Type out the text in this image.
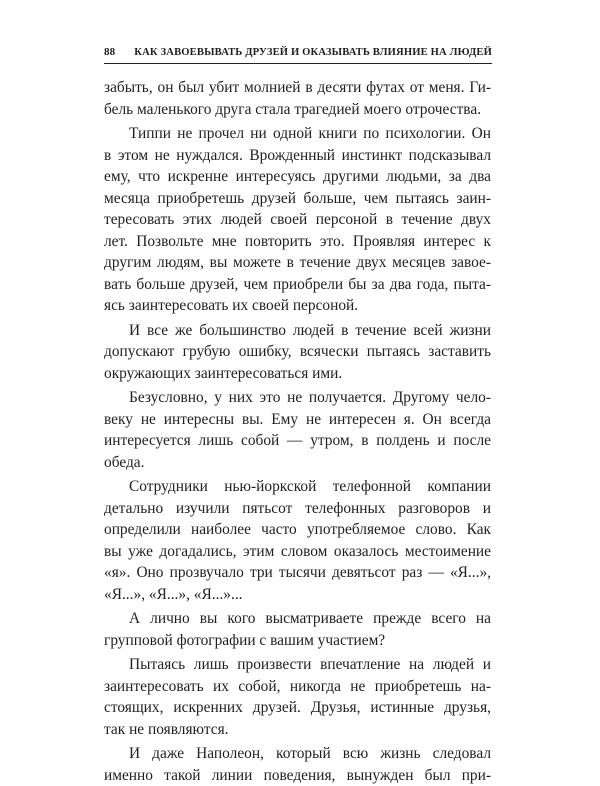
88 КАК ЗАВОЕВЫВАТЬ ДРУЗЕЙ И ОКАЗЫВАТЬ ВЛИЯНИЕ НА ЛЮДЕЙ
забыть, он был убит молнией в десяти футах от меня. Ги-
бель маленького друга стала трагедией моего отрочества.
Типпи не прочел ни одной книги по психологии. Он
в этом не нуждался. Врожденный инстинкт подсказывал
ему, что искренне интересуясь другими людьми, за два
месяца приобретешь друзей больше, чем пытаясь заин-
тересовать этих людей своей персоной в течение двух
лет. Позвольте мне повторить это. Проявляя интерес к
другим людям, вы можете в течение двух месяцев завое-
вать больше друзей, чем приобрели бы за два года, пыта-
ясь заинтересовать их своей персоной.
И все же большинство людей в течение всей жизни
допускают грубую ошибку, всячески пытаясь заставить
окружающих заинтересоваться ими.
Безусловно, у них это не получается. Другому чело-
веку не интересны вы. Ему не интересен я. Он всегда
интересуется лишь собой — утром, в полдень и после
обеда.
Сотрудники нью-йоркской телефонной компании
детально изучили пятьсот телефонных разговоров и
определили наиболее часто употребляемое слово. Как
вы уже догадались, этим словом оказалось местоимение
«я». Оно прозвучало три тысячи девятьсот раз — «Я...»,
«Я...», «Я...», «Я...»...
А лично вы кого высматриваете прежде всего на
групповой фотографии с вашим участием?
Пытаясь лишь произвести впечатление на людей и
заинтересовать их собой, никогда не приобретешь на-
стоящих, искренних друзей. Друзья, истинные друзья,
так не появляются.
И даже Наполеон, который всю жизнь следовал
именно такой линии поведения, вынужден был при-
